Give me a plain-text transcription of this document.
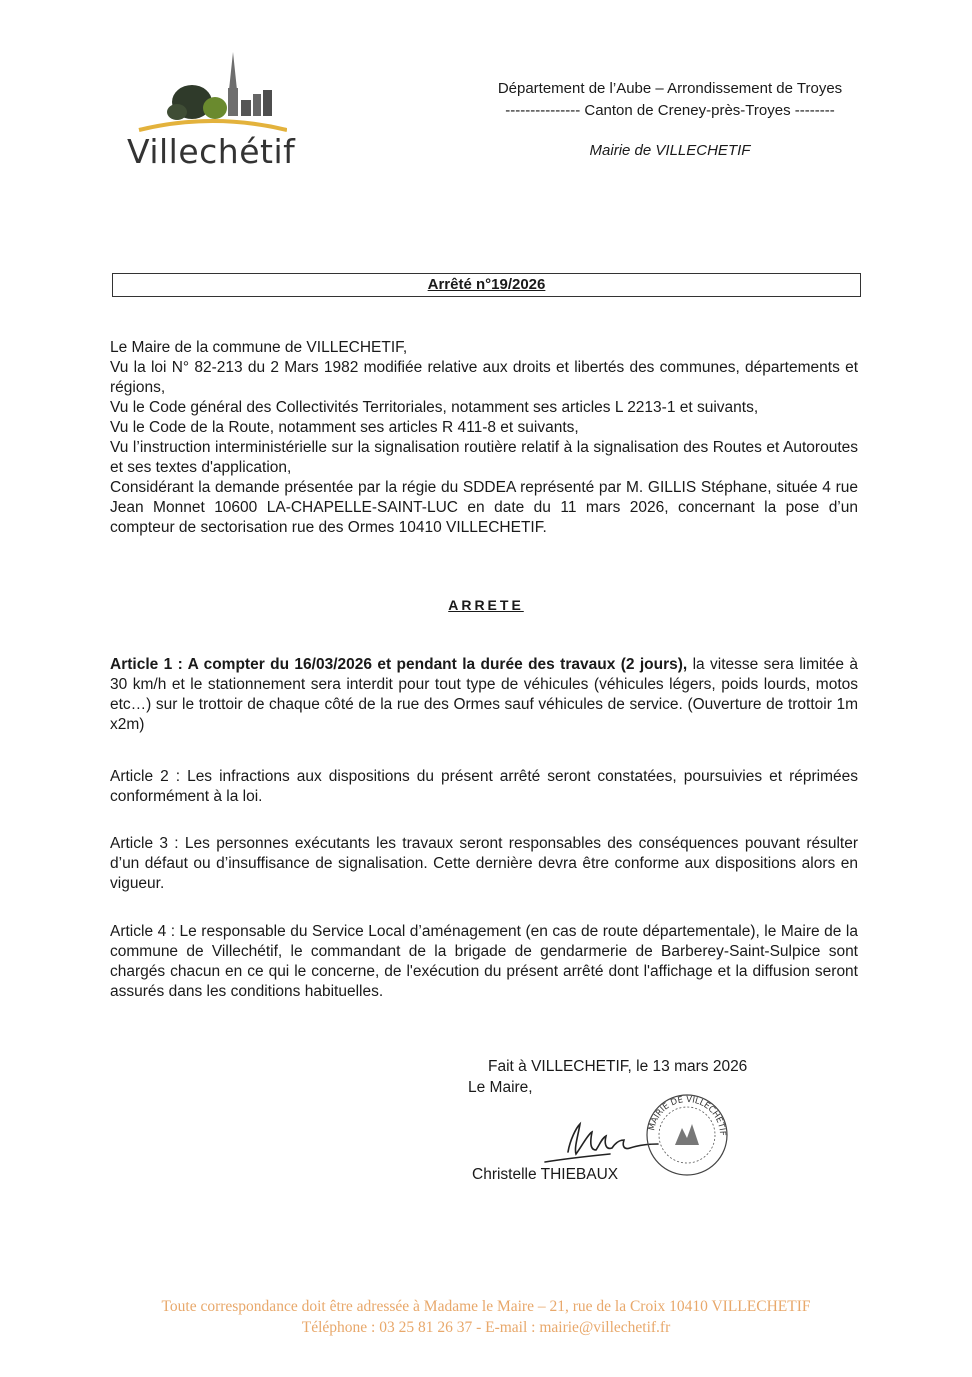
Villechétif
Département de l’Aube – Arrondissement de Troyes
--------------- Canton de Creney-près-Troyes --------
Mairie de VILLECHETIF
Arrêté n°19/2026

Le Maire de la commune de VILLECHETIF,

Vu la loi N° 82-213 du 2 Mars 1982 modifiée relative aux droits et libertés des communes, départements et régions,

Vu le Code général des Collectivités Territoriales, notamment ses articles L 2213-1 et suivants,

Vu le Code de la Route, notamment ses articles R 411-8 et suivants,

Vu l’instruction interministérielle sur la signalisation routière relatif à la signalisation des Routes et Autoroutes et ses textes d'application,

Considérant la demande présentée par la régie du SDDEA représenté par M. GILLIS Stéphane, située 4 rue Jean Monnet 10600 LA-CHAPELLE-SAINT-LUC en date du 11 mars 2026, concernant la pose d’un compteur de sectorisation rue des Ormes 10410 VILLECHETIF.

ARRETE

Article 1 : A compter du 16/03/2026 et pendant la durée des travaux (2 jours), la vitesse sera limitée à 30 km/h et le stationnement sera interdit pour tout type de véhicules (véhicules légers, poids lourds, motos etc…) sur le trottoir de chaque côté de la rue des Ormes sauf véhicules de service. (Ouverture de trottoir 1m x2m)

Article 2 : Les infractions aux dispositions du présent arrêté seront constatées, poursuivies et réprimées conformément à la loi.

Article 3 : Les personnes exécutants les travaux seront responsables des conséquences pouvant résulter d’un défaut ou d’insuffisance de signalisation. Cette dernière devra être conforme aux dispositions alors en vigueur.

Article 4 : Le responsable du Service Local d’aménagement (en cas de route départementale), le Maire de la commune de Villechétif, le commandant de la brigade de gendarmerie de Barberey-Saint-Sulpice sont chargés chacun en ce qui le concerne, de l'exécution du présent arrêté dont l'affichage et la diffusion seront assurés dans les conditions habituelles.

Fait à VILLECHETIF, le 13 mars 2026
Le Maire,
MAIRIE DE VILLECHETIF
Christelle THIEBAUX
Toute correspondance doit être adressée à Madame le Maire – 21, rue de la Croix 10410 VILLECHETIF
Téléphone : 03 25 81 26 37 - E-mail : mairie@villechetif.fr
